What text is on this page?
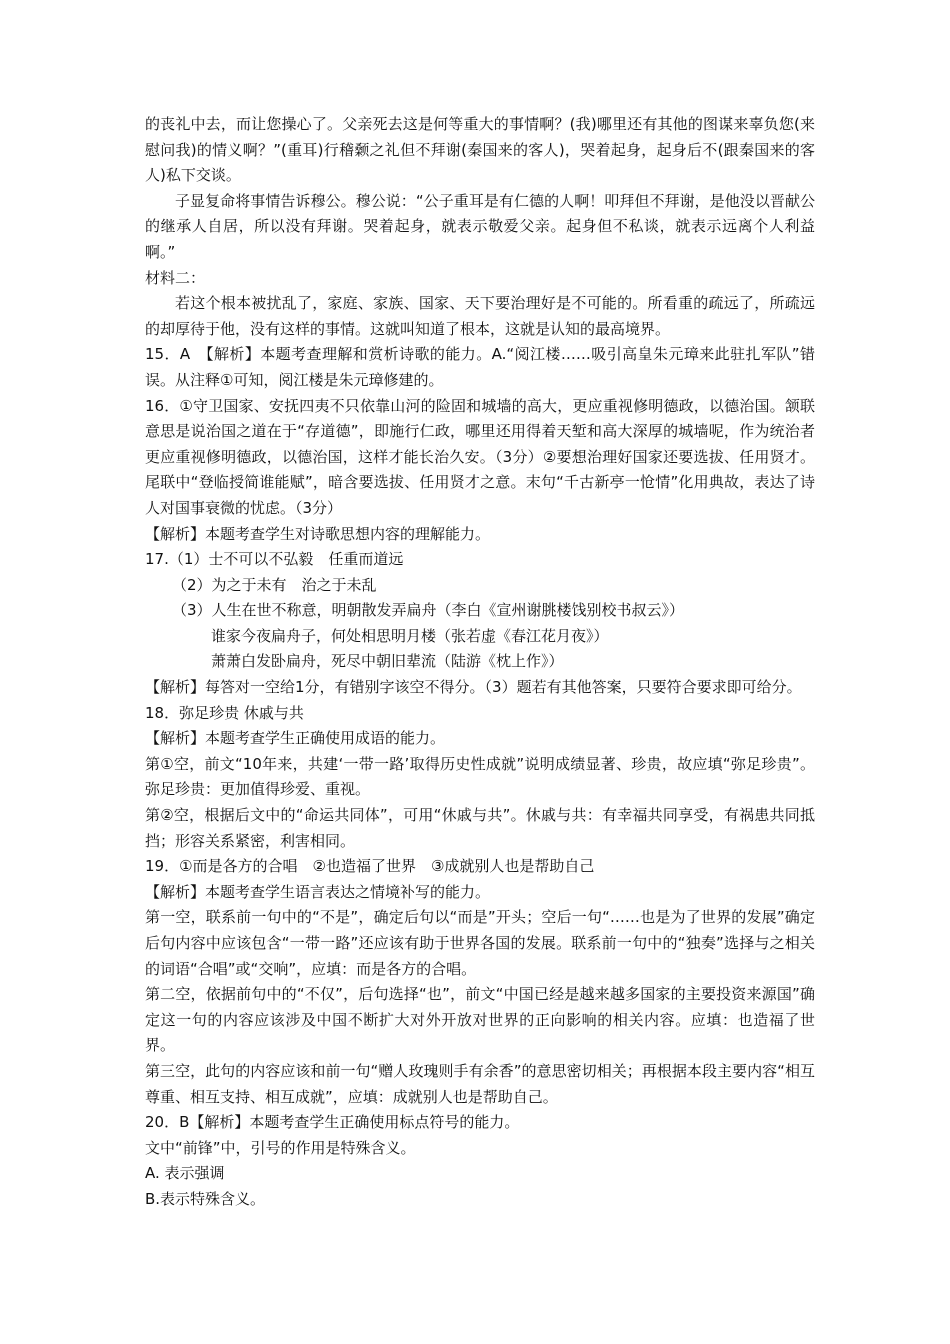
的丧礼中去，而让您操心了。父亲死去这是何等重大的事情啊？(我)哪里还有其他的图谋来辜负您(来慰问我)的情义啊？”(重耳)行稽颡之礼但不拜谢(秦国来的客人)，哭着起身，起身后不(跟秦国来的客人)私下交谈。

子显复命将事情告诉穆公。穆公说：“公子重耳是有仁德的人啊！叩拜但不拜谢，是他没以晋献公的继承人自居，所以没有拜谢。哭着起身，就表示敬爱父亲。起身但不私谈，就表示远离个人利益啊。”

材料二：

若这个根本被扰乱了，家庭、家族、国家、天下要治理好是不可能的。所看重的疏远了，所疏远的却厚待于他，没有这样的事情。这就叫知道了根本，这就是认知的最高境界。

15．A　【解析】本题考查理解和赏析诗歌的能力。A.“阅江楼……吸引高皇朱元璋来此驻扎军队”错误。从注释①可知，阅江楼是朱元璋修建的。

16．①守卫国家、安抚四夷不只依靠山河的险固和城墙的高大，更应重视修明德政，以德治国。颔联意思是说治国之道在于“存道德”，即施行仁政，哪里还用得着天堑和高大深厚的城墙呢，作为统治者更应重视修明德政，以德治国，这样才能长治久安。（3分）②要想治理好国家还要选拔、任用贤才。尾联中“登临授简谁能赋”，暗含要选拔、任用贤才之意。末句“千古新亭一怆情”化用典故，表达了诗人对国事衰微的忧虑。（3分）

【解析】本题考查学生对诗歌思想内容的理解能力。

17.（1）士不可以不弘毅　任重而道远

（2）为之于未有　治之于未乱

（3）人生在世不称意，明朝散发弄扁舟（李白《宣州谢朓楼饯别校书叔云》）

谁家今夜扁舟子，何处相思明月楼（张若虚《春江花月夜》）

萧萧白发卧扁舟，死尽中朝旧辈流（陆游《枕上作》）

【解析】每答对一空给1分，有错别字该空不得分。（3）题若有其他答案，只要符合要求即可给分。

18．弥足珍贵 休戚与共

【解析】本题考查学生正确使用成语的能力。

第①空，前文“10年来，共建‘一带一路’取得历史性成就”说明成绩显著、珍贵，故应填“弥足珍贵”。弥足珍贵：更加值得珍爱、重视。

第②空，根据后文中的“命运共同体”，可用“休戚与共”。休戚与共：有幸福共同享受，有祸患共同抵挡；形容关系紧密，利害相同。

19．①而是各方的合唱　②也造福了世界　③成就别人也是帮助自己

【解析】本题考查学生语言表达之情境补写的能力。

第一空，联系前一句中的“不是”，确定后句以“而是”开头；空后一句“……也是为了世界的发展”确定后句内容中应该包含“一带一路”还应该有助于世界各国的发展。联系前一句中的“独奏”选择与之相关的词语“合唱”或“交响”，应填：而是各方的合唱。

第二空，依据前句中的“不仅”，后句选择“也”，前文“中国已经是越来越多国家的主要投资来源国”确定这一句的内容应该涉及中国不断扩大对外开放对世界的正向影响的相关内容。应填：也造福了世界。

第三空，此句的内容应该和前一句“赠人玫瑰则手有余香”的意思密切相关；再根据本段主要内容“相互尊重、相互支持、相互成就”，应填：成就别人也是帮助自己。

20．B【解析】本题考查学生正确使用标点符号的能力。

文中“前锋”中，引号的作用是特殊含义。

A. 表示强调

B.表示特殊含义。
